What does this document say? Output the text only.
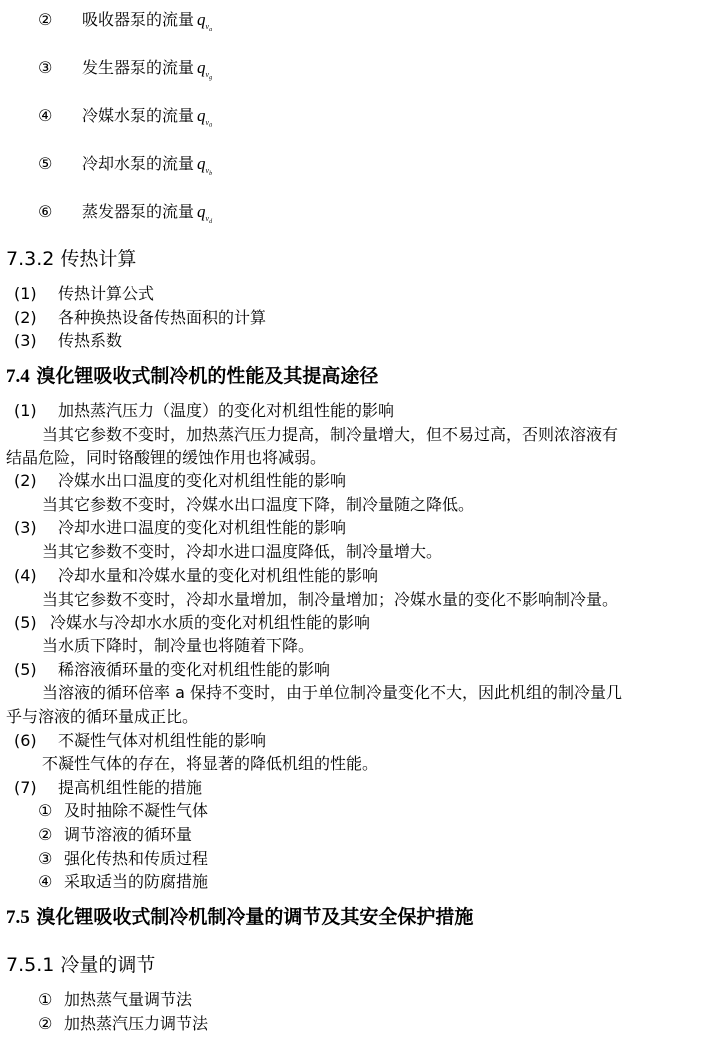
② 吸收器泵的流量 $q_{v_a}$
③ 发生器泵的流量 $q_{v_g}$
④ 冷媒水泵的流量 $q_{v_0}$
⑤ 冷却水泵的流量 $q_{v_b}$
⑥ 蒸发器泵的流量 $q_{v_d}$
7.3.2 传热计算
(1) 传热计算公式
(2) 各种换热设备传热面积的计算
(3) 传热系数
7.4 溴化锂吸收式制冷机的性能及其提高途径
(1) 加热蒸汽压力（温度）的变化对机组性能的影响
当其它参数不变时，加热蒸汽压力提高，制冷量增大，但不易过高，否则浓溶液有
结晶危险，同时铬酸锂的缓蚀作用也将减弱。
(2) 冷媒水出口温度的变化对机组性能的影响
当其它参数不变时，冷媒水出口温度下降，制冷量随之降低。
(3) 冷却水进口温度的变化对机组性能的影响
当其它参数不变时，冷却水进口温度降低，制冷量增大。
(4) 冷却水量和冷媒水量的变化对机组性能的影响
当其它参数不变时，冷却水量增加，制冷量增加；冷媒水量的变化不影响制冷量。
(5) 冷媒水与冷却水水质的变化对机组性能的影响
当水质下降时，制冷量也将随着下降。
(5) 稀溶液循环量的变化对机组性能的影响
当溶液的循环倍率 a 保持不变时，由于单位制冷量变化不大，因此机组的制冷量几
乎与溶液的循环量成正比。
(6) 不凝性气体对机组性能的影响
不凝性气体的存在，将显著的降低机组的性能。
(7) 提高机组性能的措施
① 及时抽除不凝性气体
② 调节溶液的循环量
③ 强化传热和传质过程
④ 采取适当的防腐措施
7.5 溴化锂吸收式制冷机制冷量的调节及其安全保护措施
7.5.1 冷量的调节
① 加热蒸气量调节法
② 加热蒸汽压力调节法
